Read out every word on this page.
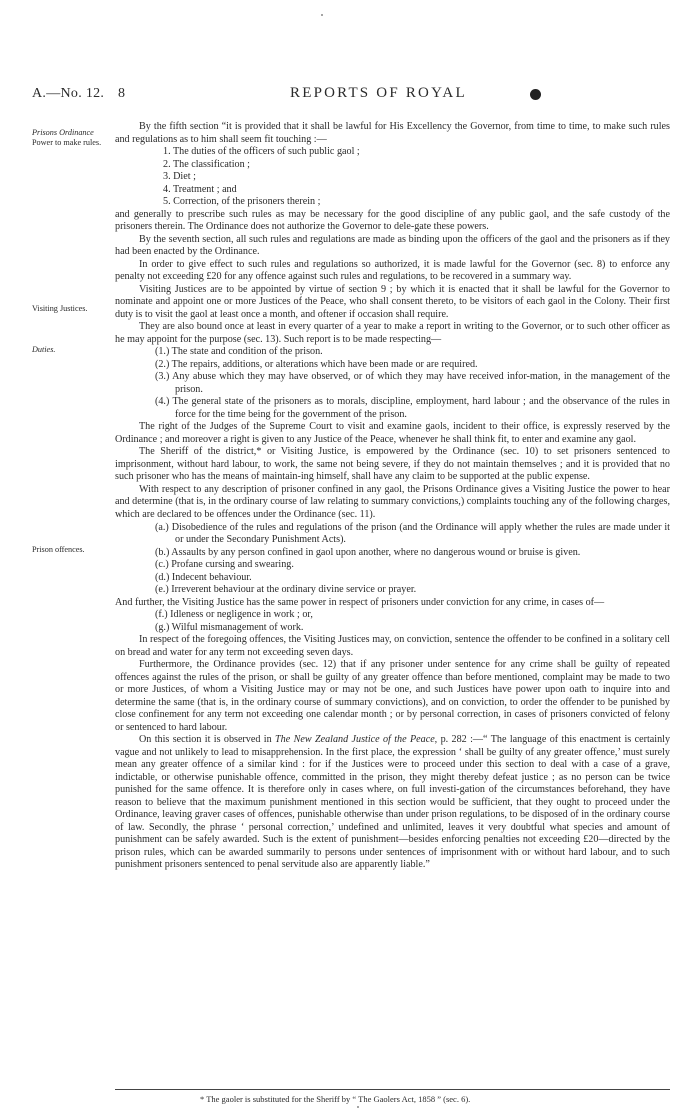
A.—No. 12. 8	REPORTS OF ROYAL
Prisons Ordinance
Power to make rules.
Visiting Justices.
Duties.
Prison offences.

By the fifth section “it is provided that it shall be lawful for His Excellency the Governor, from time to time, to make such rules and regulations as to him shall seem fit touching :—

1. The duties of the officers of such public gaol ;

2. The classification ;

3. Diet ;

4. Treatment ; and

5. Correction, of the prisoners therein ;

and generally to prescribe such rules as may be necessary for the good discipline of any public gaol, and the safe custody of the prisoners therein. The Ordinance does not authorize the Governor to dele-gate these powers.

By the seventh section, all such rules and regulations are made as binding upon the officers of the gaol and the prisoners as if they had been enacted by the Ordinance.

In order to give effect to such rules and regulations so authorized, it is made lawful for the Governor (sec. 8) to enforce any penalty not exceeding £20 for any offence against such rules and regulations, to be recovered in a summary way.

Visiting Justices are to be appointed by virtue of section 9 ; by which it is enacted that it shall be lawful for the Governor to nominate and appoint one or more Justices of the Peace, who shall consent thereto, to be visitors of each gaol in the Colony. Their first duty is to visit the gaol at least once a month, and oftener if occasion shall require.

They are also bound once at least in every quarter of a year to make a report in writing to the Governor, or to such other officer as he may appoint for the purpose (sec. 13). Such report is to be made respecting—

(1.) The state and condition of the prison.

(2.) The repairs, additions, or alterations which have been made or are required.

(3.) Any abuse which they may have observed, or of which they may have received infor-mation, in the management of the prison.

(4.) The general state of the prisoners as to morals, discipline, employment, hard labour ; and the observance of the rules in force for the time being for the government of the prison.

The right of the Judges of the Supreme Court to visit and examine gaols, incident to their office, is expressly reserved by the Ordinance ; and moreover a right is given to any Justice of the Peace, whenever he shall think fit, to enter and examine any gaol.

The Sheriff of the district,* or Visiting Justice, is empowered by the Ordinance (sec. 10) to set prisoners sentenced to imprisonment, without hard labour, to work, the same not being severe, if they do not maintain themselves ; and it is provided that no such prisoner who has the means of maintain-ing himself, shall have any claim to be supported at the public expense.

With respect to any description of prisoner confined in any gaol, the Prisons Ordinance gives a Visiting Justice the power to hear and determine (that is, in the ordinary course of law relating to summary convictions,) complaints touching any of the following charges, which are declared to be offences under the Ordinance (sec. 11).

(a.) Disobedience of the rules and regulations of the prison (and the Ordinance will apply whether the rules are made under it or under the Secondary Punishment Acts).

(b.) Assaults by any person confined in gaol upon another, where no dangerous wound or bruise is given.

(c.) Profane cursing and swearing.

(d.) Indecent behaviour.

(e.) Irreverent behaviour at the ordinary divine service or prayer.

And further, the Visiting Justice has the same power in respect of prisoners under conviction for any crime, in cases of—

(f.) Idleness or negligence in work ; or,

(g.) Wilful mismanagement of work.

In respect of the foregoing offences, the Visiting Justices may, on conviction, sentence the offender to be confined in a solitary cell on bread and water for any term not exceeding seven days.

Furthermore, the Ordinance provides (sec. 12) that if any prisoner under sentence for any crime shall be guilty of repeated offences against the rules of the prison, or shall be guilty of any greater offence than before mentioned, complaint may be made to two or more Justices, of whom a Visiting Justice may or may not be one, and such Justices have power upon oath to inquire into and determine the same (that is, in the ordinary course of summary convictions), and on conviction, to order the offender to be punished by close confinement for any term not exceeding one calendar month ; or by personal correction, in cases of prisoners convicted of felony or sentenced to hard labour.

On this section it is observed in The New Zealand Justice of the Peace, p. 282 :—“ The language of this enactment is certainly vague and not unlikely to lead to misapprehension. In the first place, the expression ‘ shall be guilty of any greater offence,’ must surely mean any greater offence of a similar kind : for if the Justices were to proceed under this section to deal with a case of a grave, indictable, or otherwise punishable offence, committed in the prison, they might thereby defeat justice ; as no person can be twice punished for the same offence. It is therefore only in cases where, on full investi-gation of the circumstances beforehand, they have reason to believe that the maximum punishment mentioned in this section would be sufficient, that they ought to proceed under the Ordinance, leaving graver cases of offences, punishable otherwise than under prison regulations, to be disposed of in the ordinary course of law. Secondly, the phrase ‘ personal correction,’ undefined and unlimited, leaves it very doubtful what species and amount of punishment can be safely awarded. Such is the extent of punishment—besides enforcing penalties not exceeding £20—directed by the prison rules, which can be awarded summarily to persons under sentences of imprisonment with or without hard labour, and to such punishment prisoners sentenced to penal servitude also are apparently liable.”

* The gaoler is substituted for the Sheriff by “ The Gaolers Act, 1858 ” (sec. 6).
